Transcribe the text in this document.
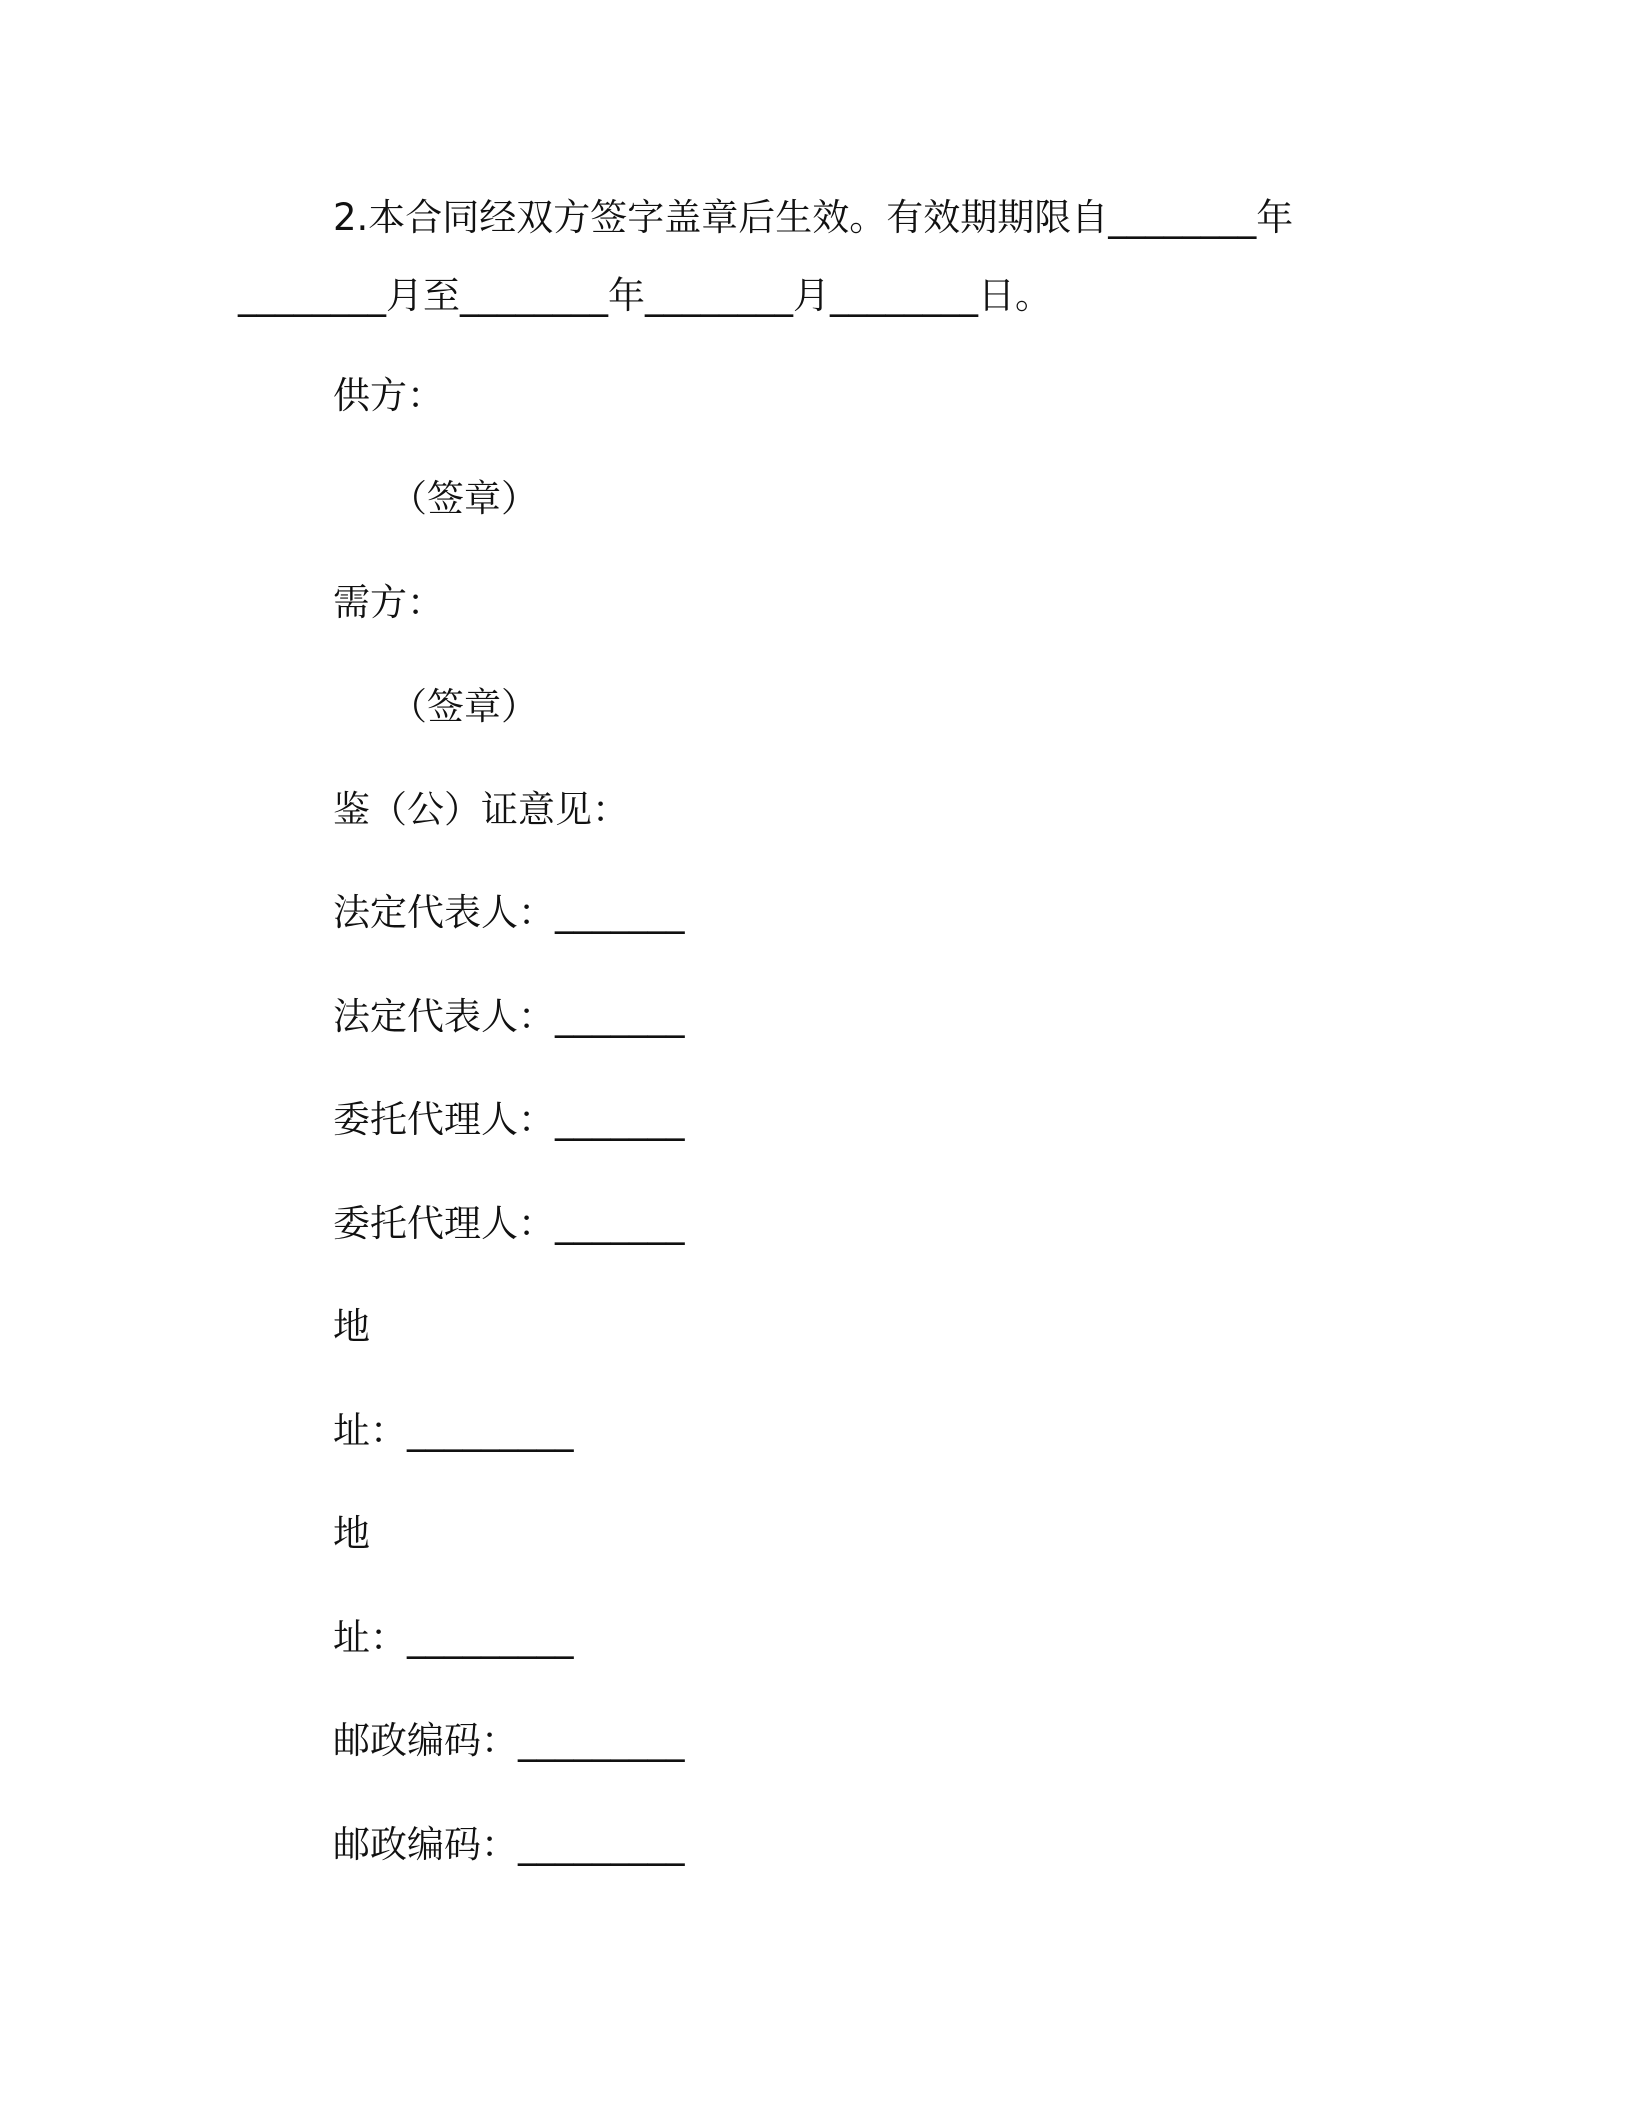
2.本合同经双方签字盖章后生效。有效期期限自________年
________月至________年________月________日。
供方：
（签章）
需方：
（签章）
鉴（公）证意见：
法定代表人：_______
法定代表人：_______
委托代理人：_______
委托代理人：_______
地
址：_________
地
址：_________
邮政编码：_________
邮政编码：_________
